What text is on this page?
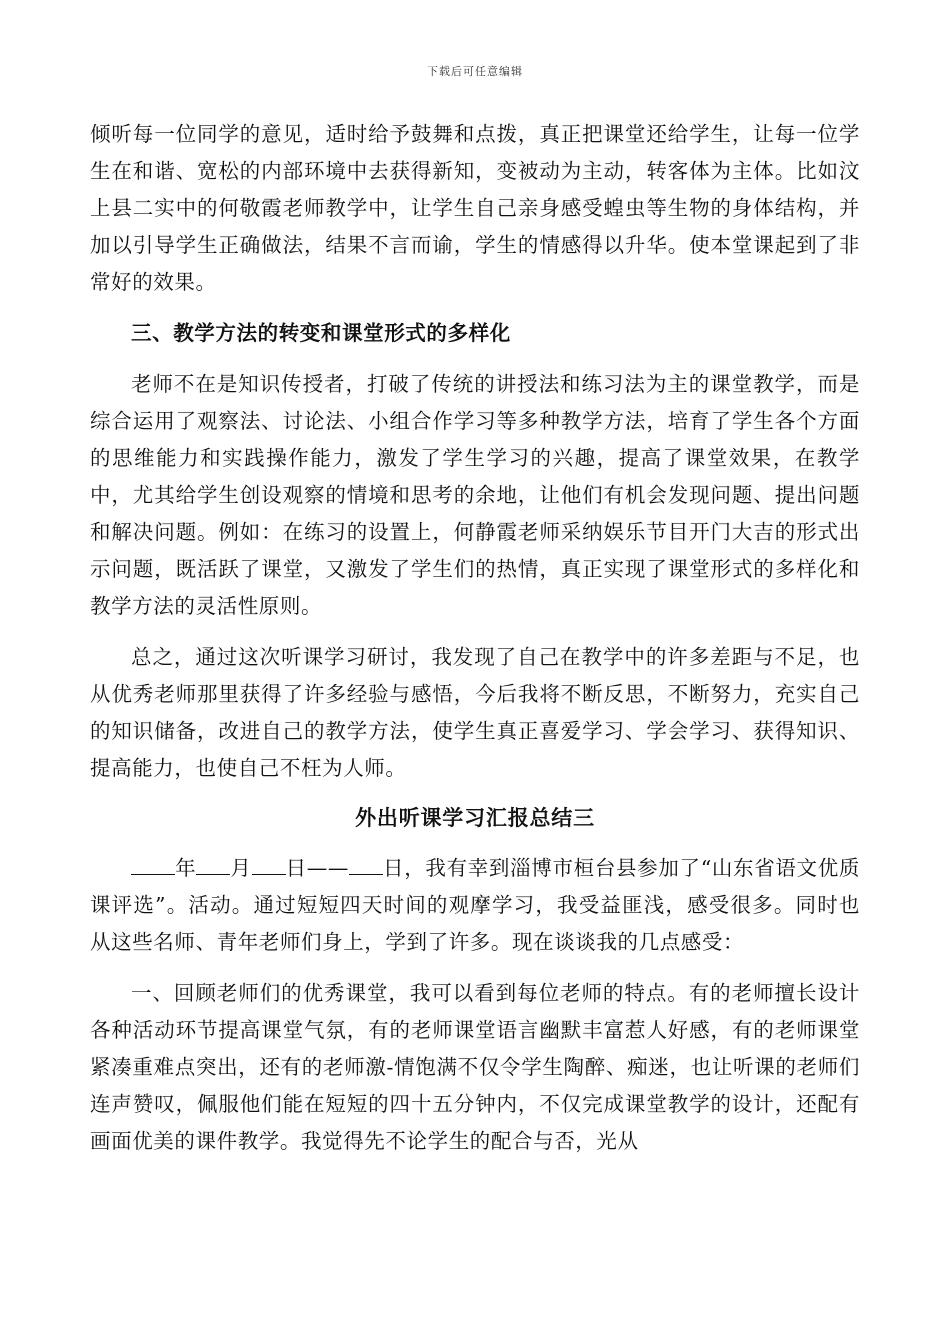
下载后可任意编辑

倾听每一位同学的意见，适时给予鼓舞和点拨，真正把课堂还给学生，让每一位学生在和谐、宽松的内部环境中去获得新知，变被动为主动，转客体为主体。比如汶上县二实中的何敬霞老师教学中，让学生自己亲身感受蝗虫等生物的身体结构，并加以引导学生正确做法，结果不言而谕，学生的情感得以升华。使本堂课起到了非常好的效果。

三、教学方法的转变和课堂形式的多样化

老师不在是知识传授者，打破了传统的讲授法和练习法为主的课堂教学，而是综合运用了观察法、讨论法、小组合作学习等多种教学方法，培育了学生各个方面的思维能力和实践操作能力，激发了学生学习的兴趣，提高了课堂效果，在教学中，尤其给学生创设观察的情境和思考的余地，让他们有机会发现问题、提出问题和解决问题。例如：在练习的设置上，何静霞老师采纳娱乐节目开门大吉的形式出示问题，既活跃了课堂，又激发了学生们的热情，真正实现了课堂形式的多样化和教学方法的灵活性原则。

总之，通过这次听课学习研讨，我发现了自己在教学中的许多差距与不足，也从优秀老师那里获得了许多经验与感悟，今后我将不断反思，不断努力，充实自己的知识储备，改进自己的教学方法，使学生真正喜爱学习、学会学习、获得知识、提高能力，也使自己不枉为人师。

外出听课学习汇报总结三

年 月 日—— 日，我有幸到淄博市桓台县参加了“山东省语文优质课评选”。活动。通过短短四天时间的观摩学习，我受益匪浅，感受很多。同时也从这些名师、青年老师们身上，学到了许多。现在谈谈我的几点感受：

一、回顾老师们的优秀课堂，我可以看到每位老师的特点。有的老师擅长设计各种活动环节提高课堂气氛，有的老师课堂语言幽默丰富惹人好感，有的老师课堂紧凑重难点突出，还有的老师激-情饱满不仅令学生陶醉、痴迷，也让听课的老师们连声赞叹，佩服他们能在短短的四十五分钟内，不仅完成课堂教学的设计，还配有画面优美的课件教学。我觉得先不论学生的配合与否，光从
